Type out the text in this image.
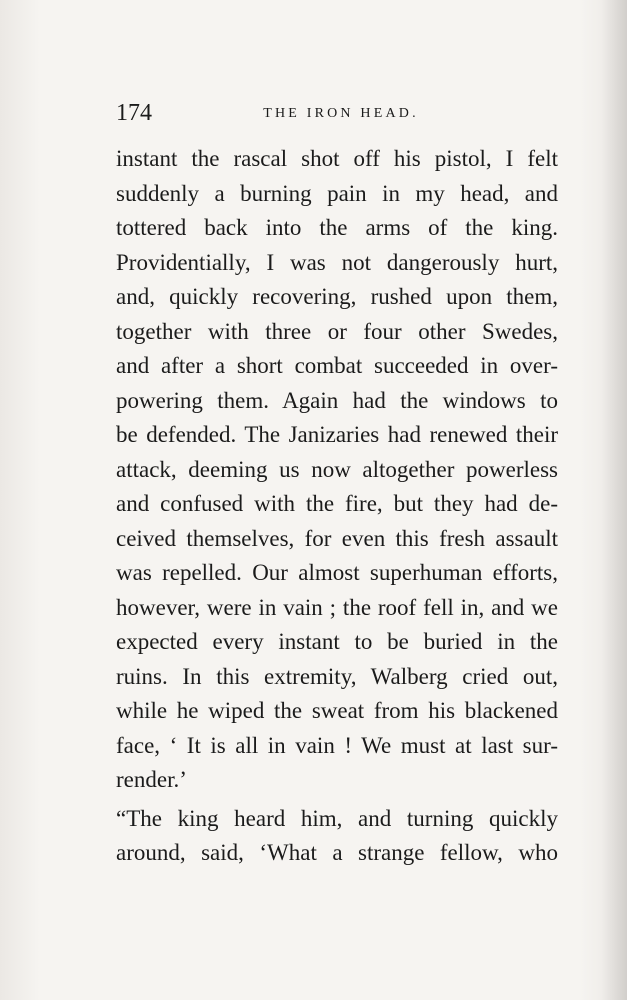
174	THE IRON HEAD.
instant the rascal shot off his pistol, I felt
suddenly a burning pain in my head, and
tottered back into the arms of the king.
Providentially, I was not dangerously hurt,
and, quickly recovering, rushed upon them,
together with three or four other Swedes,
and after a short combat succeeded in over-
powering them. Again had the windows to
be defended. The Janizaries had renewed their
attack, deeming us now altogether powerless
and confused with the fire, but they had de-
ceived themselves, for even this fresh assault
was repelled. Our almost superhuman efforts,
however, were in vain ; the roof fell in, and we
expected every instant to be buried in the
ruins. In this extremity, Walberg cried out,
while he wiped the sweat from his blackened
face, ‘ It is all in vain ! We must at last sur-
render.’
“The king heard him, and turning quickly
around, said, ‘What a strange fellow, who
